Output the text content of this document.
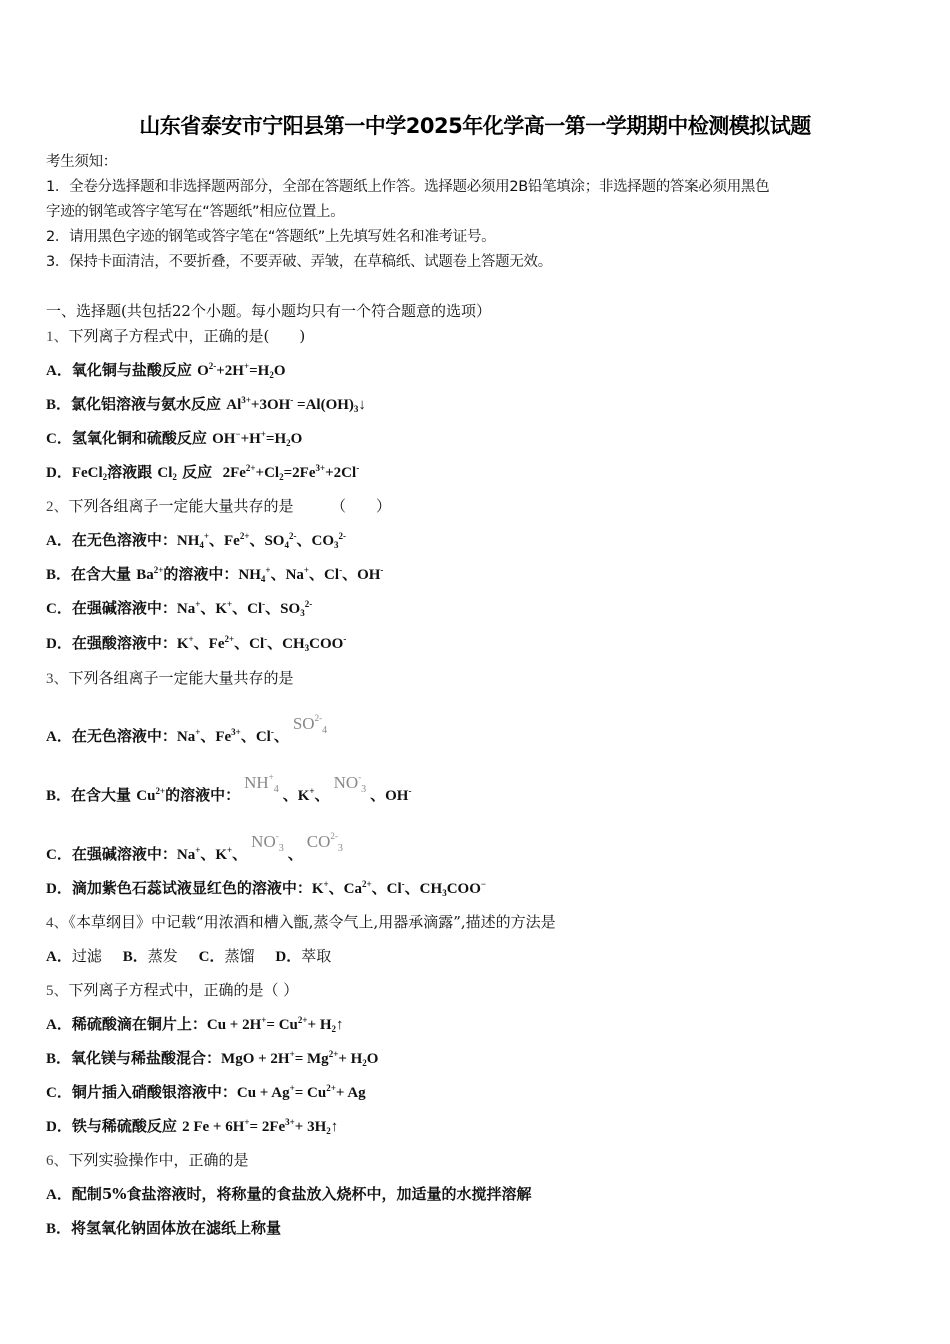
山东省泰安市宁阳县第一中学2025年化学高一第一学期期中检测模拟试题
考生须知：
1．全卷分选择题和非选择题两部分，全部在答题纸上作答。选择题必须用2B铅笔填涂；非选择题的答案必须用黑色
字迹的钢笔或答字笔写在“答题纸”相应位置上。
2．请用黑色字迹的钢笔或答字笔在“答题纸”上先填写姓名和准考证号。
3．保持卡面清洁，不要折叠，不要弄破、弄皱，在草稿纸、试题卷上答题无效。
一、选择题(共包括22个小题。每小题均只有一个符合题意的选项）
1、下列离子方程式中，正确的是(　　)
A．氧化铜与盐酸反应 $O^{2-}+2H^+=H_2O$
B．氯化铝溶液与氨水反应 $Al^{3+}+3OH^-$ $=Al(OH)_3↓$
C．氢氧化铜和硫酸反应 $OH^-+H^+=H_2O$
D．FeCl$_2$溶液跟 $Cl_2$ 反应  $2Fe^{2+}+Cl_2=2Fe^{3+}+2Cl^-$
2、下列各组离子一定能大量共存的是　　　（　　）
A．在无色溶液中：$NH_4^+$、$Fe^{2+}$、$SO_4^{2-}$、$CO_3^{2-}$
B．在含大量 $Ba^{2+}$的溶液中：$NH_4^+$、Na+、Cl-、OH-
C．在强碱溶液中：Na+、K+、Cl-、$SO_3^{2-}$
D．在强酸溶液中：K+、$Fe^{2+}$、Cl-、$CH_3COO^-$
3、下列各组离子一定能大量共存的是
A．在无色溶液中：Na+、$Fe^{3+}$、Cl-、$SO^{2-}_4$
B．在含大量 $Cu^{2+}$的溶液中：$NH^+_4$ 、K+、$NO^-_3$ 、OH-
C．在强碱溶液中：Na+、K+、$NO^-_3$ 、$CO^{2-}_3$
D．滴加紫色石蕊试液显红色的溶液中：K+、$Ca^{2+}$、Cl-、$CH_3COO^-$
4、《本草纲目》中记载“用浓酒和槽入甑,蒸令气上,用器承滴露”,描述的方法是
A．过滤 B．蒸发 C．蒸馏 D．萃取
5、下列离子方程式中，正确的是（ ）
A．稀硫酸滴在铜片上：$Cu + 2H^+= Cu^{2+}+$ $H_2↑$
B．氧化镁与稀盐酸混合：MgO + $2H^+= Mg^{2+}+ H_2O$
C．铜片插入硝酸银溶液中：$Cu + Ag^+= Cu^{2+}+ Ag$
D．铁与稀硫酸反应 2 $Fe + 6H^+= 2Fe^{3+}+$ $3H_2↑$
6、下列实验操作中，正确的是
A．配制5%食盐溶液时，将称量的食盐放入烧杯中，加适量的水搅拌溶解
B．将氢氧化钠固体放在滤纸上称量
